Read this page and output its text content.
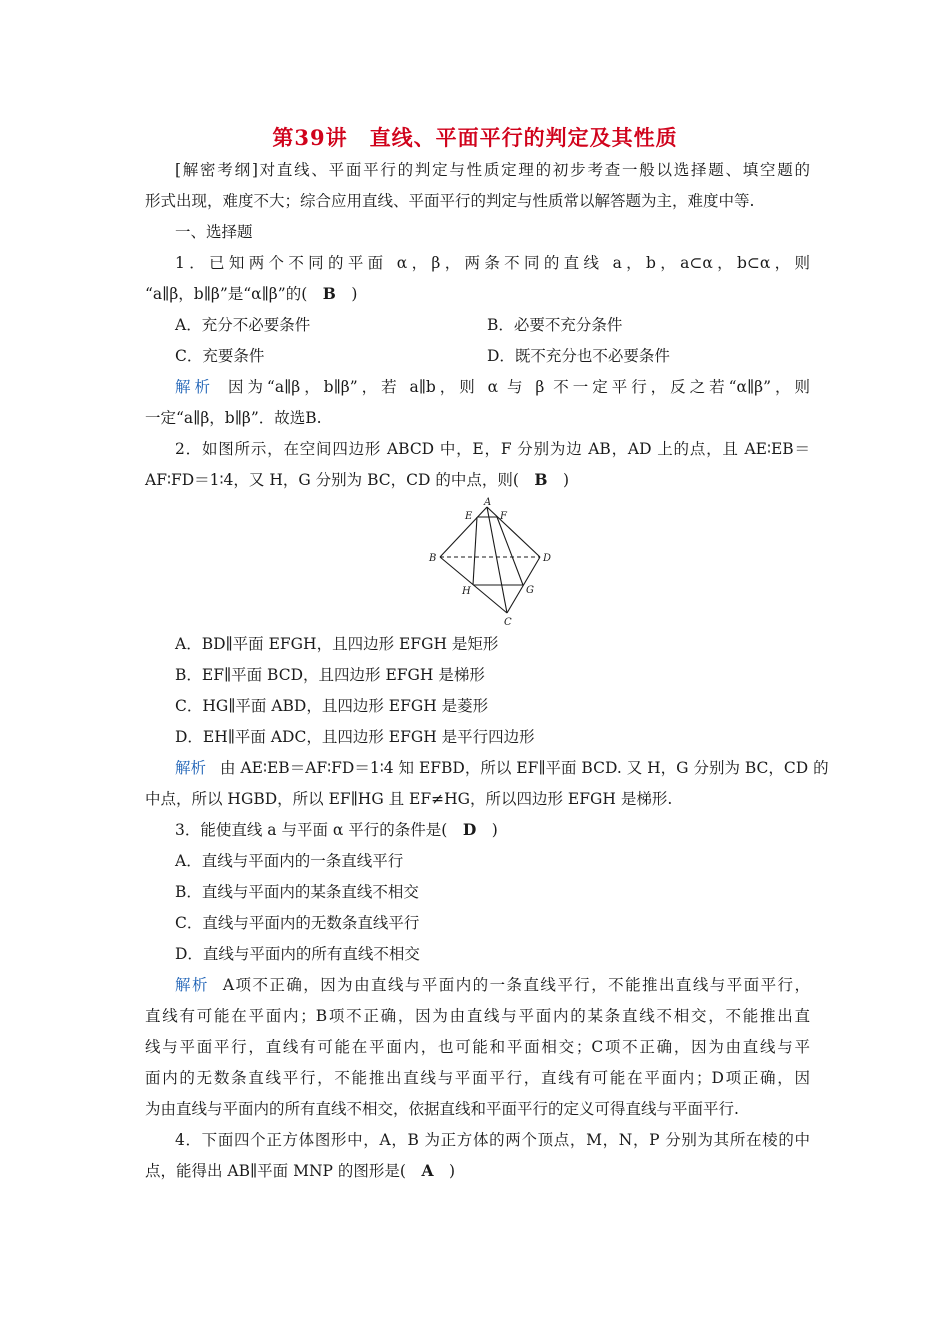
第39讲　直线、平面平行的判定及其性质
[解密考纲]对直线、平面平行的判定与性质定理的初步考查一般以选择题、填空题的
形式出现，难度不大；综合应用直线、平面平行的判定与性质常以解答题为主，难度中等.
一、选择题
1．已知两个不同的平面 α，β，两条不同的直线 a，b，a⊂α，b⊂α，则
“a∥β，b∥β”是“α∥β”的(　B　)
A．充分不必要条件	B．必要不充分条件
C．充要条件	D．既不充分也不必要条件
解析 因为“a∥β，b∥β”，若 a∥b，则 α 与 β 不一定平行，反之若“α∥β”，则
一定“a∥β，b∥β”．故选B.
2．如图所示，在空间四边形 ABCD 中，E，F 分别为边 AB，AD 上的点，且 AE∶EB＝
AF∶FD＝1∶4，又 H，G 分别为 BC，CD 的中点，则(　B　)
A
E	F
B	D
H	G
C
A．BD∥平面 EFGH，且四边形 EFGH 是矩形
B．EF∥平面 BCD，且四边形 EFGH 是梯形
C．HG∥平面 ABD，且四边形 EFGH 是菱形
D．EH∥平面 ADC，且四边形 EFGH 是平行四边形
解析 由 AE∶EB＝AF∶FD＝1∶4 知 EFBD，所以 EF∥平面 BCD. 又 H，G 分别为 BC，CD 的
中点，所以 HGBD，所以 EF∥HG 且 EF≠HG，所以四边形 EFGH 是梯形.
3．能使直线 a 与平面 α 平行的条件是(　D　)
A．直线与平面内的一条直线平行
B．直线与平面内的某条直线不相交
C．直线与平面内的无数条直线平行
D．直线与平面内的所有直线不相交
解析 A项不正确，因为由直线与平面内的一条直线平行，不能推出直线与平面平行，
直线有可能在平面内；B项不正确，因为由直线与平面内的某条直线不相交，不能推出直
线与平面平行，直线有可能在平面内，也可能和平面相交；C项不正确，因为由直线与平
面内的无数条直线平行，不能推出直线与平面平行，直线有可能在平面内；D项正确，因
为由直线与平面内的所有直线不相交，依据直线和平面平行的定义可得直线与平面平行.
4．下面四个正方体图形中，A，B 为正方体的两个顶点，M，N，P 分别为其所在棱的中
点，能得出 AB∥平面 MNP 的图形是(　A　)
